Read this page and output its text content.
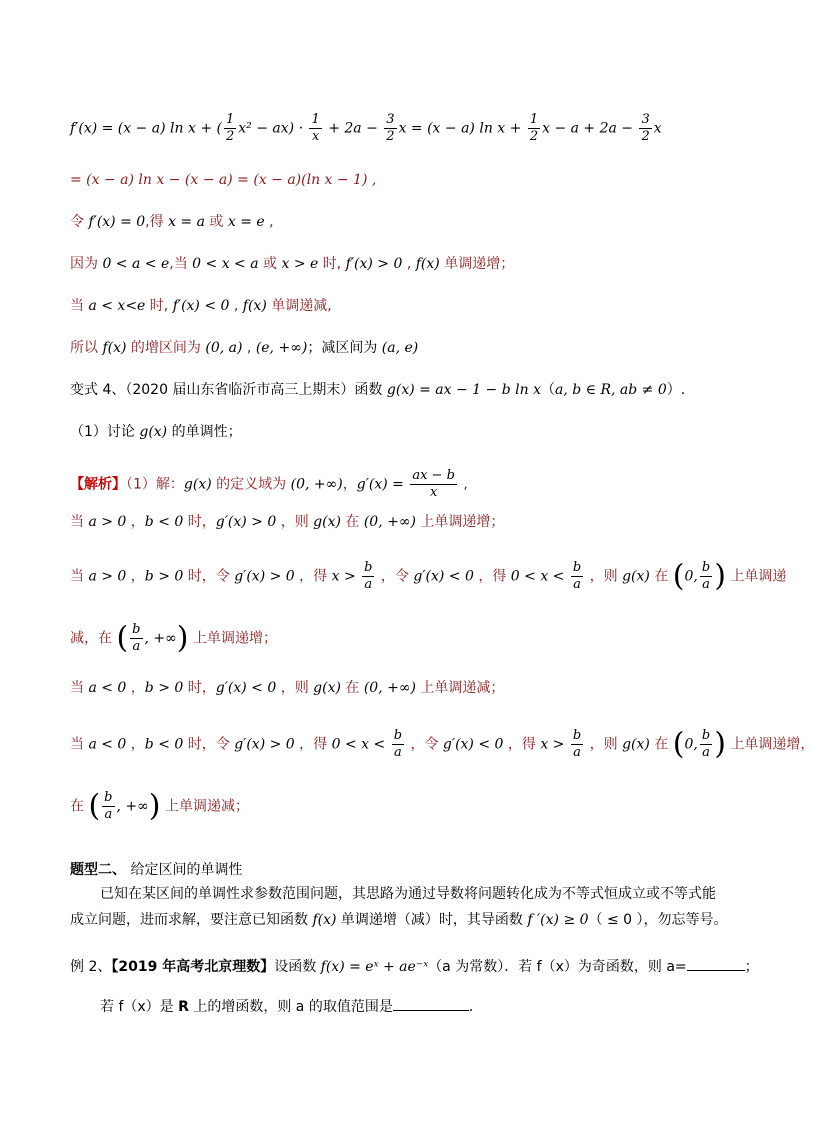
f′(x) = (x − a) ln x + ( $\frac{1}{2} x^2 - ax) \cdot \frac{1}{x} + 2a - \frac{3}{2}$ x = (x − a) $\ln x + \frac{1}{2}$ $x - a + 2a - \frac{3}{2}$ x
= (x − a) ln x − (x − a) = (x − a)(ln x − 1) ,
令 f′(x) = 0,得 x = a 或 x = e ,
因为 0 < a < e,当 0 < x < a 或 x > e 时, f′(x) > 0 , f(x) 单调递增；
当 a < x<e 时, f′(x) < 0 , f(x) 单调递减,
所以 f(x) 的增区间为 (0, a) , (e, +∞)；减区间为 (a, e)
变式 4、（2020 届山东省临沂市高三上期末）函数 g(x) = ax − 1 − b ln x（a, b ∈ R, ab ≠ 0）.
（1）讨论 g(x) 的单调性；
【解析】（1）解：g(x) 的定义域为 (0, +∞)，$g'(x) = \frac{ax - b}{x}$ ,
当 a > 0 ，b < 0 时，g′(x) > 0 ，则 g(x) 在 (0, +∞) 上单调递增；
当 a > 0 ，b > 0 时，令 g′(x) > 0 ，得 $x > \frac{b}{a}$ ，令 g′(x) < 0 ，得 $0 < x < \frac{b}{a}$ ，则 g(x) 在 (0, $\frac{b}{a}$ ) 上单调递
减，在 ( $\frac{b}{a}$ , +∞) 上单调递增；
当 a < 0 ，b > 0 时，g′(x) < 0 ，则 g(x) 在 (0, +∞) 上单调递减；
当 a < 0 ，b < 0 时，令 g′(x) > 0 ，得 $0 < x < \frac{b}{a}$ ，令 g′(x) < 0 ，得 $x > \frac{b}{a}$ ，则 g(x) 在 (0, $\frac{b}{a}$ ) 上单调递增，
在 ( $\frac{b}{a}$ , +∞) 上单调递减；
题型二、 给定区间的单调性
已知在某区间的单调性求参数范围问题，其思路为通过导数将问题转化成为不等式恒成立或不等式能
成立问题，进而求解，要注意已知函数 f(x) 单调递增（减）时，其导函数 f ′(x) ≥ 0（ ≤ 0 ），勿忘等号。
例 2、【2019 年高考北京理数】设函数 f(x) = eˣ + ae⁻ˣ（a 为常数）．若 f（x）为奇函数，则 a=	；
若 f（x）是 R 上的增函数，则 a 的取值范围是	.
